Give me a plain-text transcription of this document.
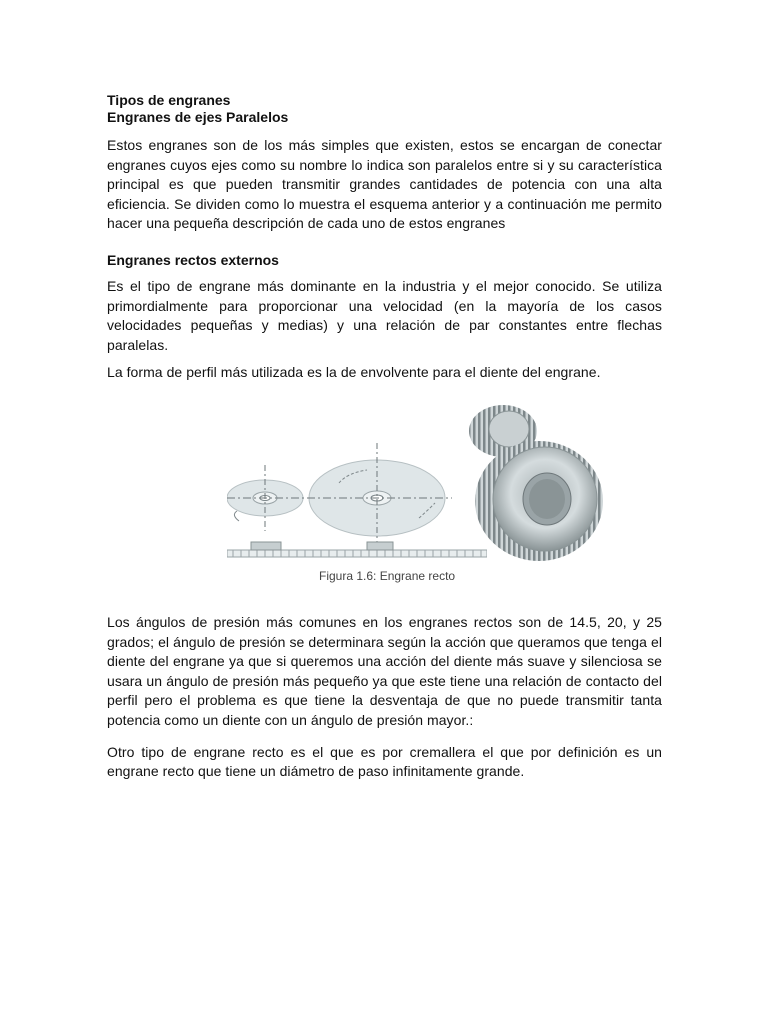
Tipos de engranes

Engranes de ejes Paralelos

Estos engranes son de los más simples que existen, estos se encargan de conectar engranes cuyos ejes como su nombre lo indica son paralelos entre si y su característica principal es que pueden transmitir grandes cantidades de potencia con una alta eficiencia. Se dividen como lo muestra el esquema anterior y a continuación me permito hacer una pequeña descripción de cada uno de estos engranes

Engranes rectos externos

Es el tipo de engrane más dominante en la industria y el mejor conocido. Se utiliza primordialmente para proporcionar una velocidad (en la mayoría de los casos velocidades pequeñas y medias) y una relación de par constantes entre flechas paralelas.

La forma de perfil más utilizada es la de envolvente para el diente del engrane.

Figura 1.6: Engrane recto

Los ángulos de presión más comunes en los engranes rectos son de 14.5, 20, y 25 grados; el ángulo de presión se determinara según la acción que queramos que tenga el diente del engrane ya que si queremos una acción del diente más suave y silenciosa se usara un ángulo de presión más pequeño ya que este tiene una relación de contacto del perfil pero el problema es que tiene la desventaja de que no puede transmitir tanta potencia como un diente con un ángulo de presión mayor.:

Otro tipo de engrane recto es el que es por cremallera el que por definición es un engrane recto que tiene un diámetro de paso infinitamente grande.
